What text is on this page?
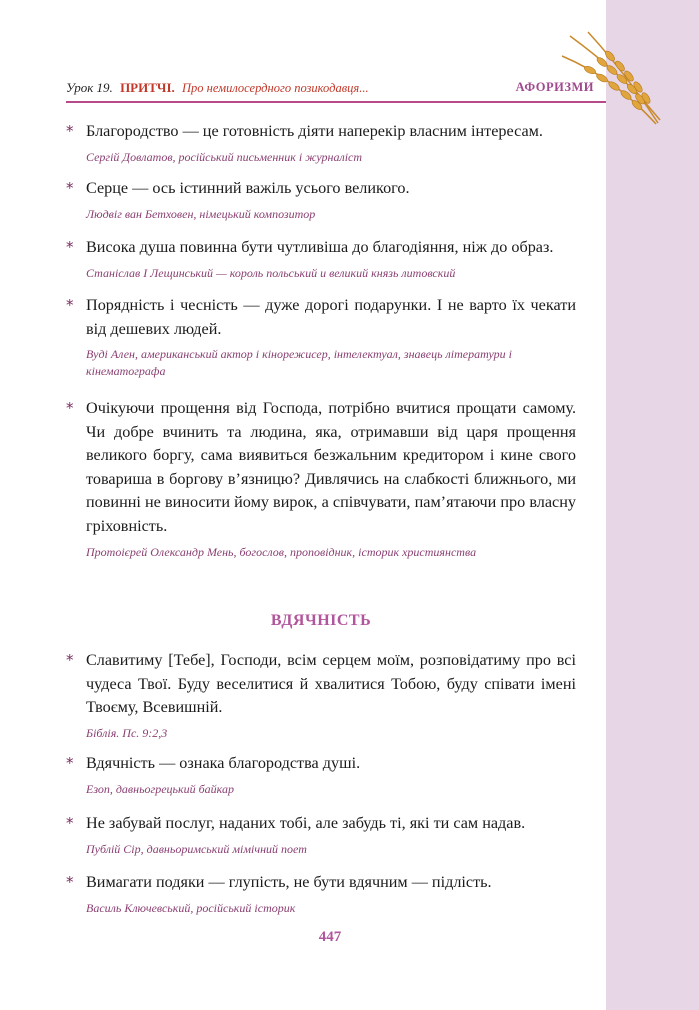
Урок 19. ПРИТЧІ. Про немилосердного позикодавця...	АФОРИЗМИ
* Благородство — це готовність діяти наперекір власним інтересам.
Сергій Довлатов, російський письменник і журналіст
* Серце — ось істинний важіль усього великого.
Людвіг ван Бетховен, німецький композитор
* Висока душа повинна бути чутливіша до благодіяння, ніж до образ.
Станіслав І Лещинський — король польський и великий князь литовский
* Порядність і чесність — дуже дорогі подарунки. І не варто їх чекати від дешевих людей.
Вуді Ален, американський актор і кінорежисер, інтелектуал, знавець літератури і кінематографа
* Очікуючи прощення від Господа, потрібно вчитися прощати самому. Чи добре вчинить та людина, яка, отримавши від царя прощення великого боргу, сама виявиться безжальним кредитором і кине свого товариша в боргову в’язницю? Дивлячись на слабкості ближнього, ми повинні не виносити йому вирок, а співчувати, пам’ятаючи про власну гріховність.
Протоієрей Олександр Мень, богослов, проповідник, історик християнства
ВДЯЧНІСТЬ
* Славитиму [Тебе], Господи, всім серцем моїм, розповідатиму про всі чудеса Твої. Буду веселитися й хвалитися Тобою, буду співати імені Твоєму, Всевишній.
Біблія. Пс. 9:2,3
* Вдячність — ознака благородства душі.
Езоп, давньогрецький байкар
* Не забувай послуг, наданих тобі, але забудь ті, які ти сам надав.
Публій Сір, давньоримський мімічний поет
* Вимагати подяки — глупість, не бути вдячним — підлість.
Василь Ключевський, російський історик
447
